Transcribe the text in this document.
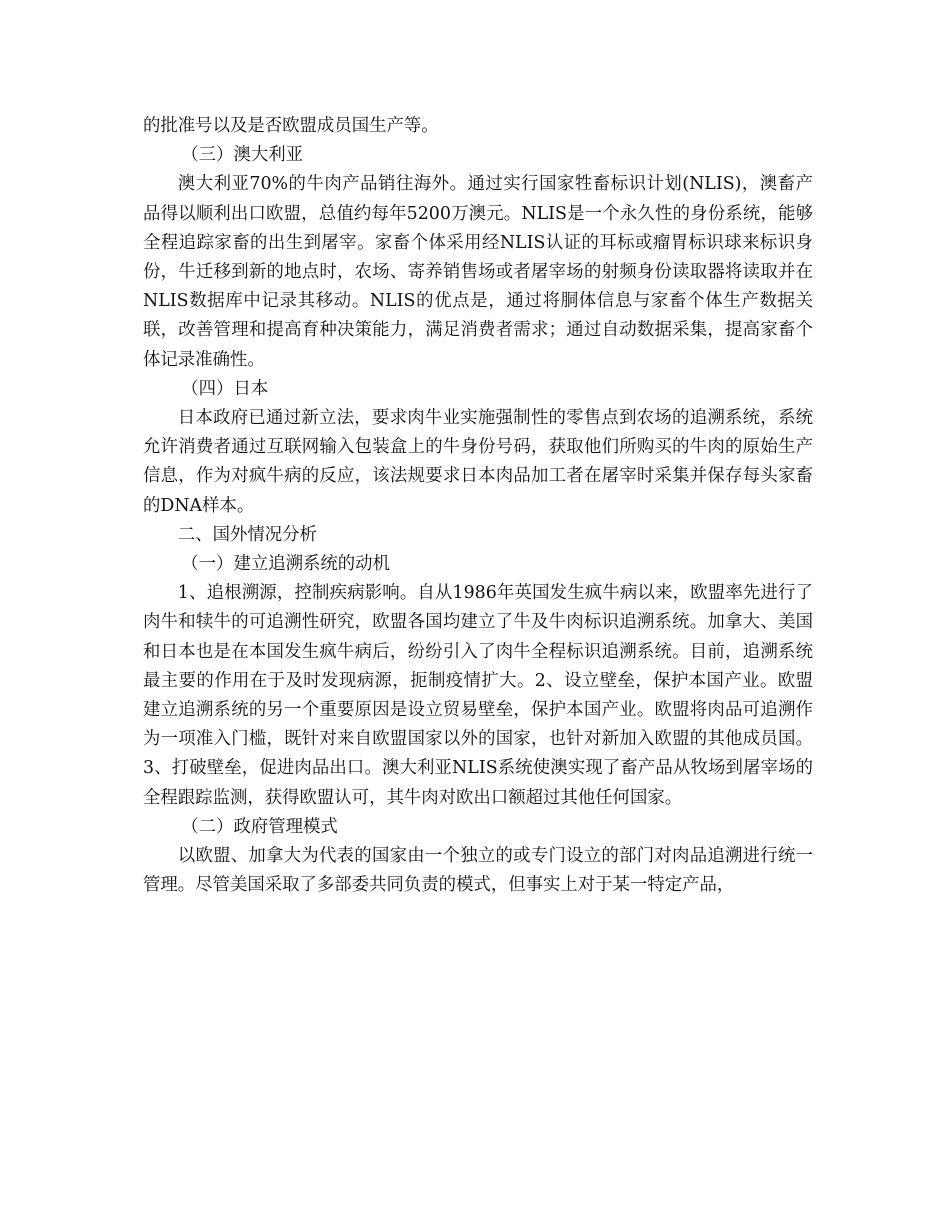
的批准号以及是否欧盟成员国生产等。

（三）澳大利亚

澳大利亚70%的牛肉产品销往海外。通过实行国家牲畜标识计划(NLIS)，澳畜产品得以顺利出口欧盟，总值约每年5200万澳元。NLIS是一个永久性的身份系统，能够全程追踪家畜的出生到屠宰。家畜个体采用经NLIS认证的耳标或瘤胃标识球来标识身份，牛迁移到新的地点时，农场、寄养销售场或者屠宰场的射频身份读取器将读取并在NLIS数据库中记录其移动。NLIS的优点是，通过将胴体信息与家畜个体生产数据关联，改善管理和提高育种决策能力，满足消费者需求；通过自动数据采集，提高家畜个体记录准确性。

（四）日本

日本政府已通过新立法，要求肉牛业实施强制性的零售点到农场的追溯系统，系统允许消费者通过互联网输入包装盒上的牛身份号码，获取他们所购买的牛肉的原始生产信息，作为对疯牛病的反应，该法规要求日本肉品加工者在屠宰时采集并保存每头家畜的DNA样本。

二、国外情况分析

（一）建立追溯系统的动机

1、追根溯源，控制疾病影响。自从1986年英国发生疯牛病以来，欧盟率先进行了肉牛和犊牛的可追溯性研究，欧盟各国均建立了牛及牛肉标识追溯系统。加拿大、美国和日本也是在本国发生疯牛病后，纷纷引入了肉牛全程标识追溯系统。目前，追溯系统最主要的作用在于及时发现病源，扼制疫情扩大。2、设立壁垒，保护本国产业。欧盟建立追溯系统的另一个重要原因是设立贸易壁垒，保护本国产业。欧盟将肉品可追溯作为一项准入门槛，既针对来自欧盟国家以外的国家，也针对新加入欧盟的其他成员国。3、打破壁垒，促进肉品出口。澳大利亚NLIS系统使澳实现了畜产品从牧场到屠宰场的全程跟踪监测，获得欧盟认可，其牛肉对欧出口额超过其他任何国家。

（二）政府管理模式

以欧盟、加拿大为代表的国家由一个独立的或专门设立的部门对肉品追溯进行统一管理。尽管美国采取了多部委共同负责的模式，但事实上对于某一特定产品，
